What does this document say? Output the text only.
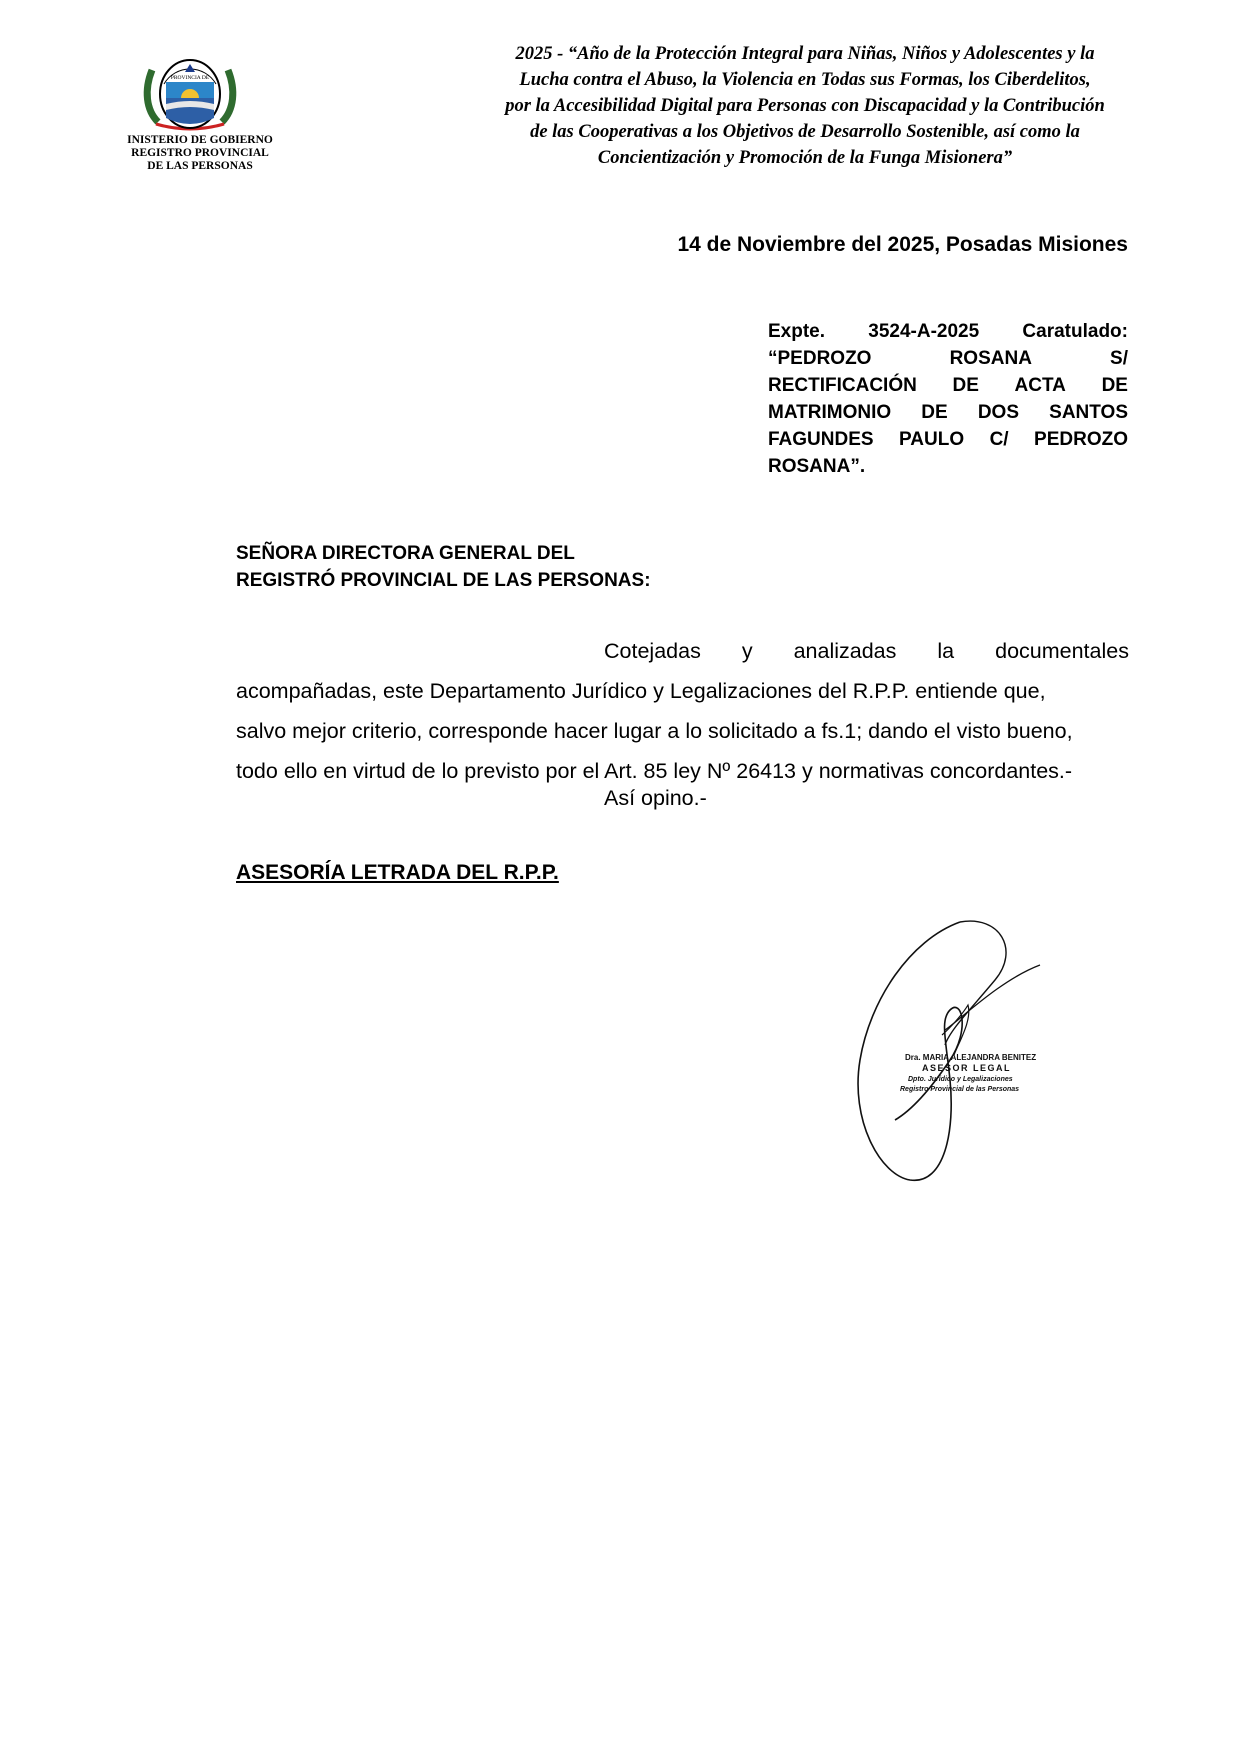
PROVINCIA DE
INISTERIO DE GOBIERNO
REGISTRO PROVINCIAL
DE LAS PERSONAS
2025 - “Año de la Protección Integral para Niñas, Niños y Adolescentes y la
Lucha contra el Abuso, la Violencia en Todas sus Formas, los Ciberdelitos,
por la Accesibilidad Digital para Personas con Discapacidad y la Contribución
de las Cooperativas a los Objetivos de Desarrollo Sostenible, así como la
Concientización y Promoción de la Funga Misionera”
14 de Noviembre del 2025, Posadas Misiones
Expte. 3524-A-2025 Caratulado:
“PEDROZO	ROSANA	S/
RECTIFICACIÓN DE ACTA DE
MATRIMONIO DE DOS SANTOS
FAGUNDES PAULO C/ PEDROZO
ROSANA”.
SEÑORA DIRECTORA GENERAL DEL
REGISTRÓ PROVINCIAL DE LAS PERSONAS:
Cotejadas y analizadas la documentales
acompañadas, este Departamento Jurídico y Legalizaciones del R.P.P. entiende que,
salvo mejor criterio, corresponde hacer lugar a lo solicitado a fs.1; dando el visto bueno,
todo ello en virtud de lo previsto por el Art. 85 ley Nº 26413 y normativas concordantes.-
Así opino.-
ASESORÍA LETRADA DEL R.P.P.
Dra. MARIA ALEJANDRA BENITEZ
ASESOR LEGAL
Dpto. Jurídico y Legalizaciones
Registro Provincial de las Personas
